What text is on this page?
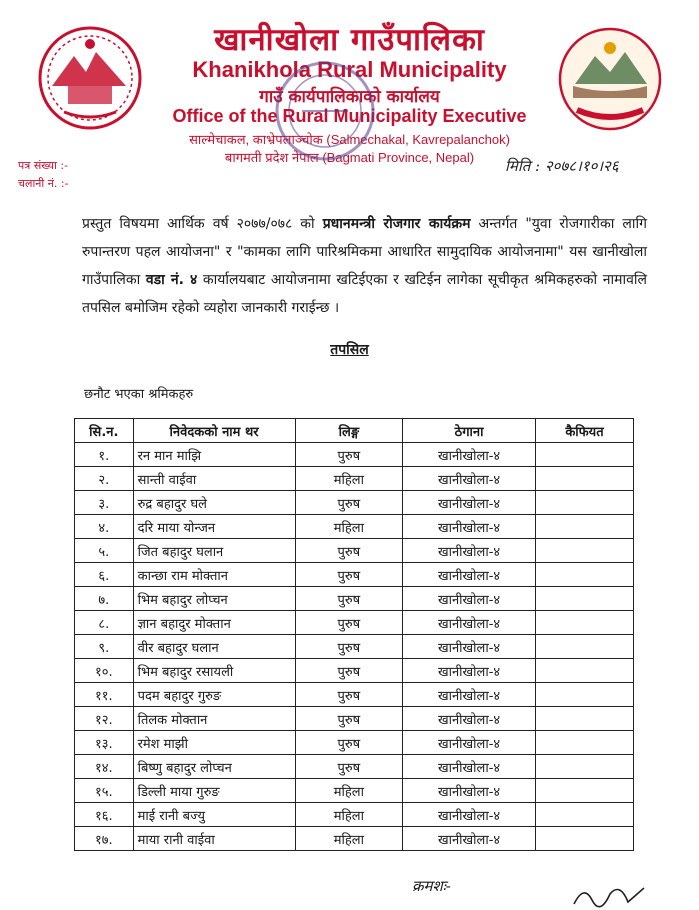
खानीखोला गाउँपालिका
Khanikhola Rural Municipality
गाउँ कार्यपालिकाको कार्यालय
Office of the Rural Municipality Executive
साल्मेचाकल, काभ्रेपलाञ्चोक (Salmechakal, Kavrepalanchok)
बागमती प्रदेश नेपाल (Bagmati Province, Nepal)
पत्र संख्या :-
चलानी नं. :-
मिति : २०७८।१०।२६
प्रस्तुत विषयमा आर्थिक वर्ष २०७७/०७८ को प्रधानमन्त्री रोजगार कार्यक्रम अन्तर्गत "युवा रोजगारीका लागि रुपान्तरण पहल आयोजना" र "कामका लागि पारिश्रमिकमा आधारित सामुदायिक आयोजनामा" यस खानीखोला गाउँपालिका वडा नं. ४ कार्यालयबाट आयोजनामा खटिईएका र खटिईन लागेका सूचीकृत श्रमिकहरुको नामावलि तपसिल बमोजिम रहेको व्यहोरा जानकारी गराईन्छ ।
तपसिल
छनौट भएका श्रमिकहरु
सि.न.	निवेदकको नाम थर	लिङ्ग	ठेगाना	कैफियत
१.	रन मान माझि	पुरुष	खानीखोला-४	
२.	सान्ती वाईवा	महिला	खानीखोला-४	
३.	रुद्र बहादुर घले	पुरुष	खानीखोला-४	
४.	दरि माया योन्जन	महिला	खानीखोला-४	
५.	जित बहादुर घलान	पुरुष	खानीखोला-४	
६.	कान्छा राम मोक्तान	पुरुष	खानीखोला-४	
७.	भिम बहादुर लोप्चन	पुरुष	खानीखोला-४	
८.	ज्ञान बहादुर मोक्तान	पुरुष	खानीखोला-४	
९.	वीर बहादुर घलान	पुरुष	खानीखोला-४	
१०.	भिम बहादुर रसायली	पुरुष	खानीखोला-४	
११.	पदम बहादुर गुरुङ	पुरुष	खानीखोला-४	
१२.	तिलक मोक्तान	पुरुष	खानीखोला-४	
१३.	रमेश माझी	पुरुष	खानीखोला-४	
१४.	बिष्णु बहादुर लोप्चन	पुरुष	खानीखोला-४	
१५.	डिल्ली माया गुरुङ	महिला	खानीखोला-४	
१६.	माई रानी बज्यु	महिला	खानीखोला-४	
१७.	माया रानी वाईवा	महिला	खानीखोला-४	
क्रमशः-
